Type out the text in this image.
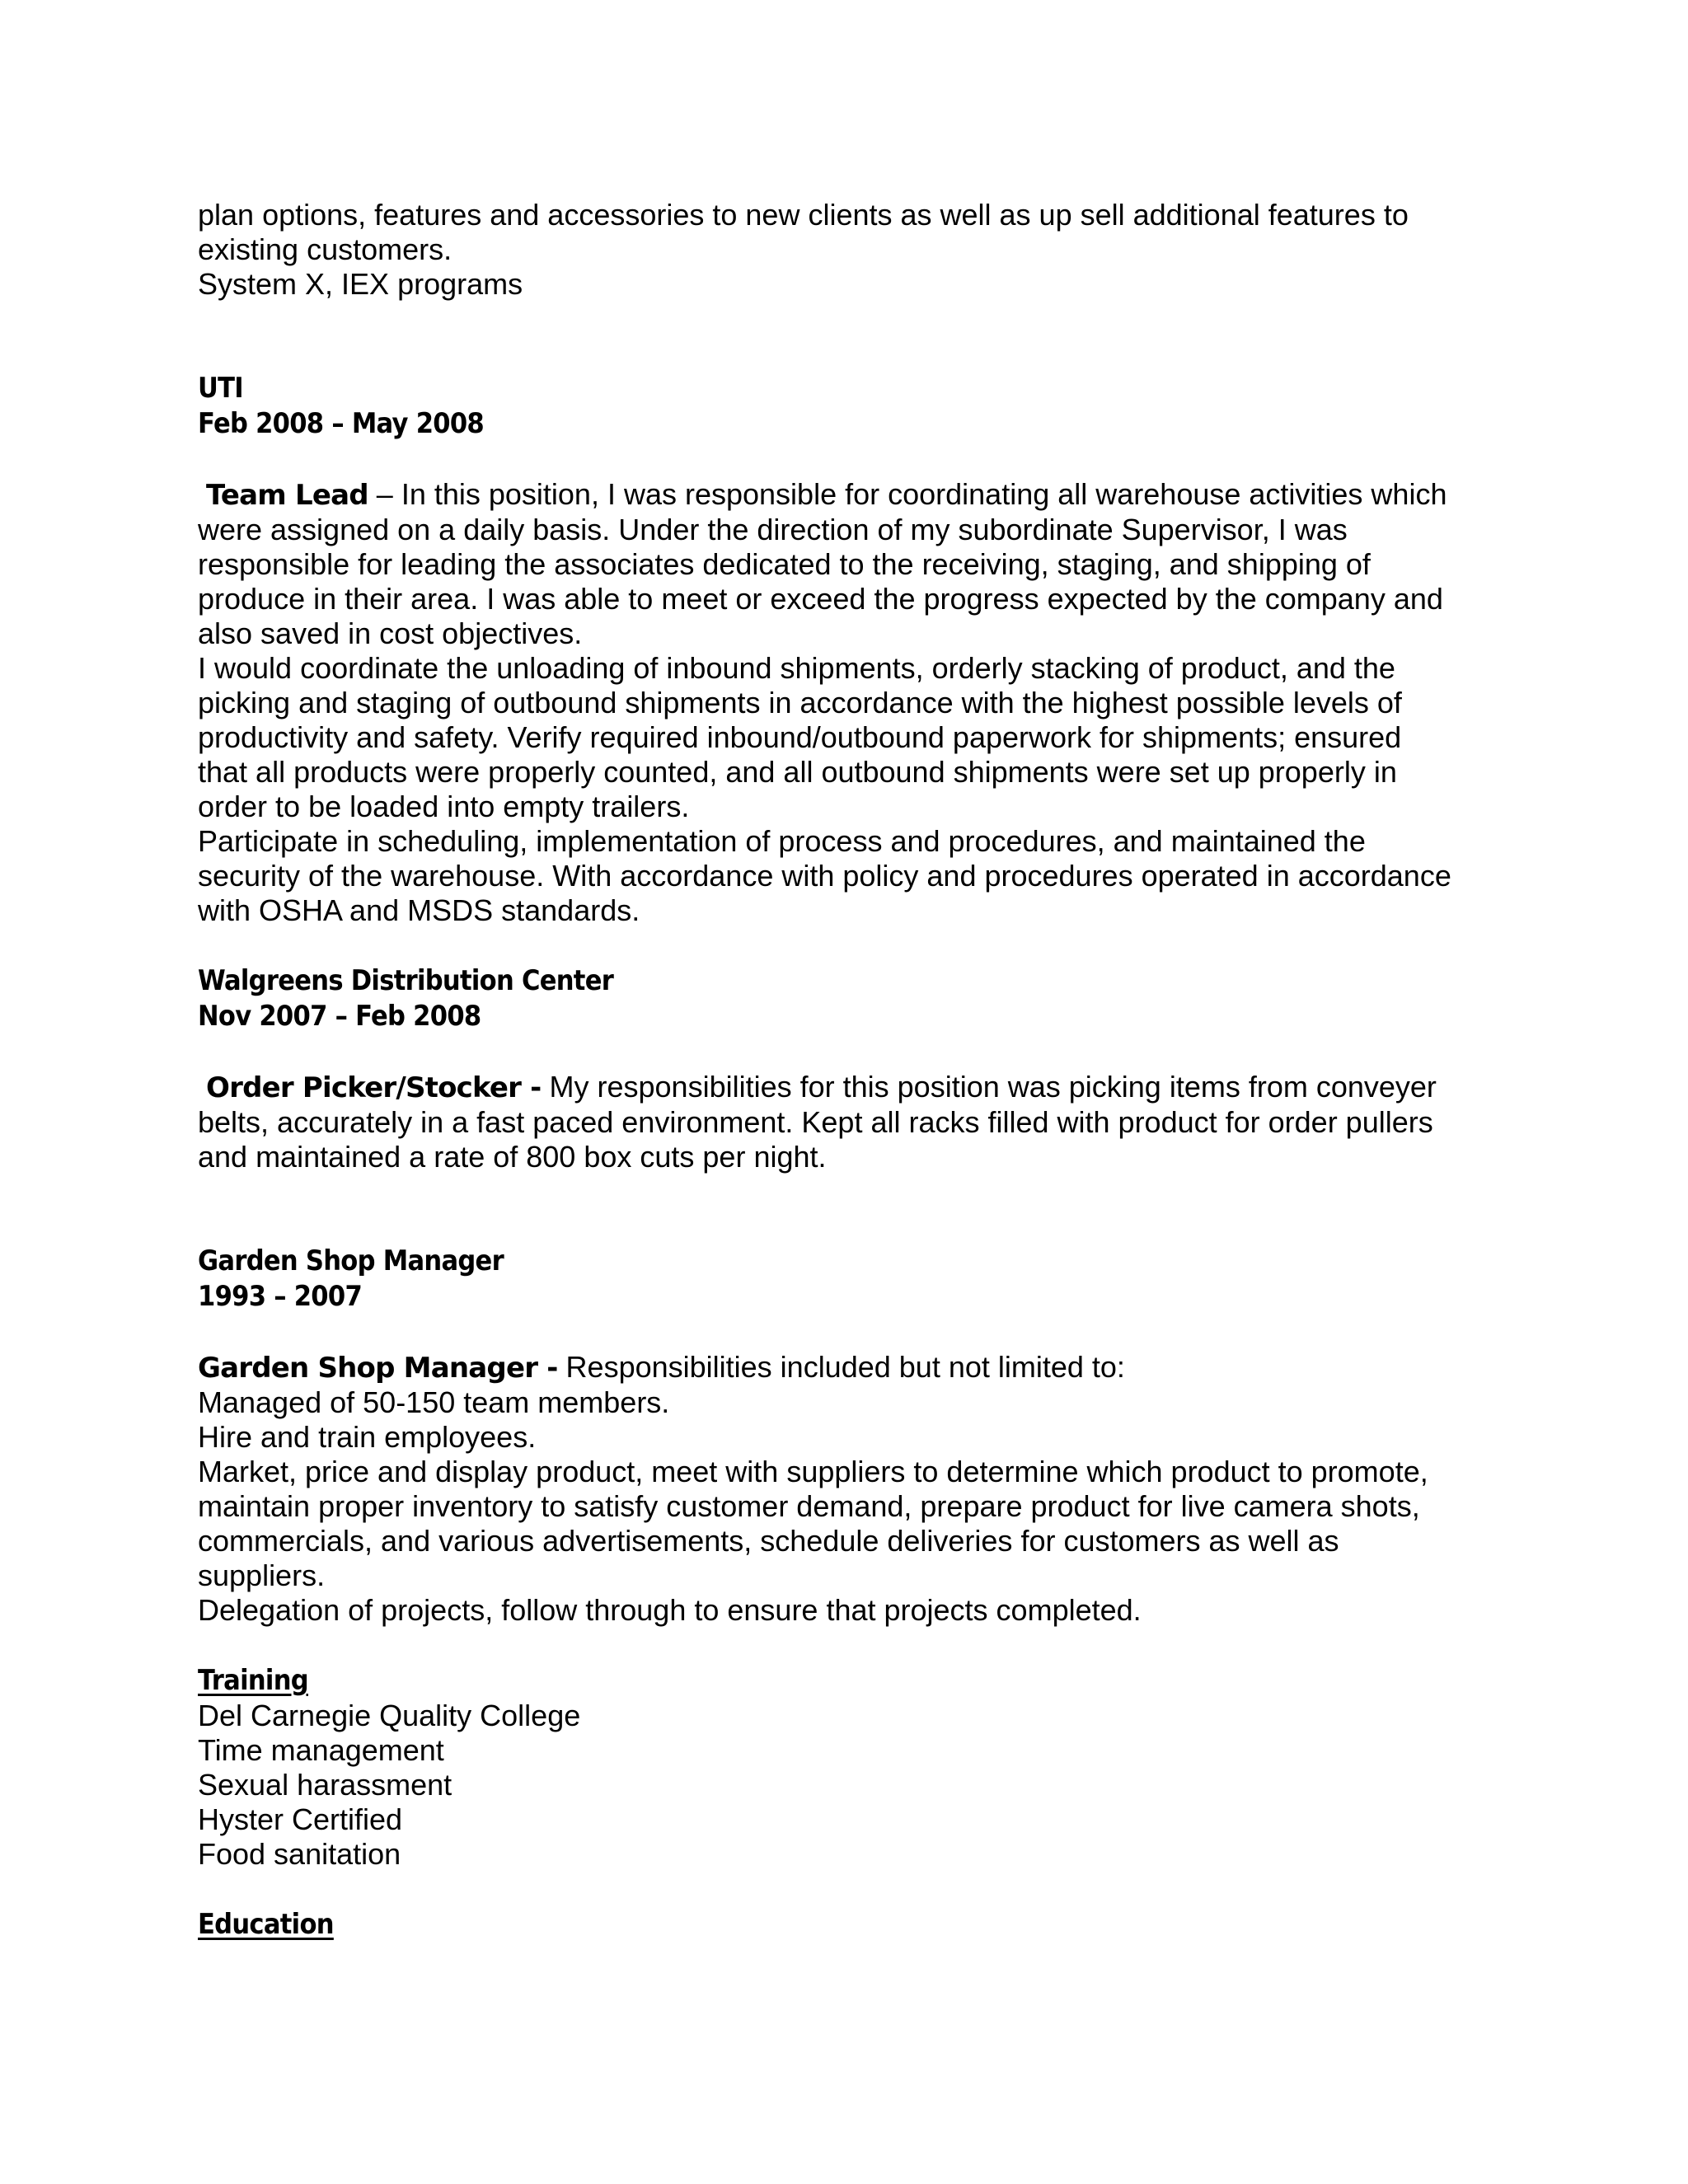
plan options, features and accessories to new clients as well as up sell additional features to
existing customers.
System X, IEX programs
UTI
Feb 2008 – May 2008
Team Lead – In this position, I was responsible for coordinating all warehouse activities which
were assigned on a daily basis. Under the direction of my subordinate Supervisor, I was
responsible for leading the associates dedicated to the receiving, staging, and shipping of
produce in their area. I was able to meet or exceed the progress expected by the company and
also saved in cost objectives.
I would coordinate the unloading of inbound shipments, orderly stacking of product, and the
picking and staging of outbound shipments in accordance with the highest possible levels of
productivity and safety. Verify required inbound/outbound paperwork for shipments; ensured
that all products were properly counted, and all outbound shipments were set up properly in
order to be loaded into empty trailers.
Participate in scheduling, implementation of process and procedures, and maintained the
security of the warehouse. With accordance with policy and procedures operated in accordance
with OSHA and MSDS standards.
Walgreens Distribution Center
Nov 2007 – Feb 2008
Order Picker/Stocker - My responsibilities for this position was picking items from conveyer
belts, accurately in a fast paced environment. Kept all racks filled with product for order pullers
and maintained a rate of 800 box cuts per night.
Garden Shop Manager
1993 – 2007
Garden Shop Manager - Responsibilities included but not limited to:
Managed of 50-150 team members.
Hire and train employees.
Market, price and display product, meet with suppliers to determine which product to promote,
maintain proper inventory to satisfy customer demand, prepare product for live camera shots,
commercials, and various advertisements, schedule deliveries for customers as well as
suppliers.
Delegation of projects, follow through to ensure that projects completed.
Training
Del Carnegie Quality College
Time management
Sexual harassment
Hyster Certified
Food sanitation
Education
